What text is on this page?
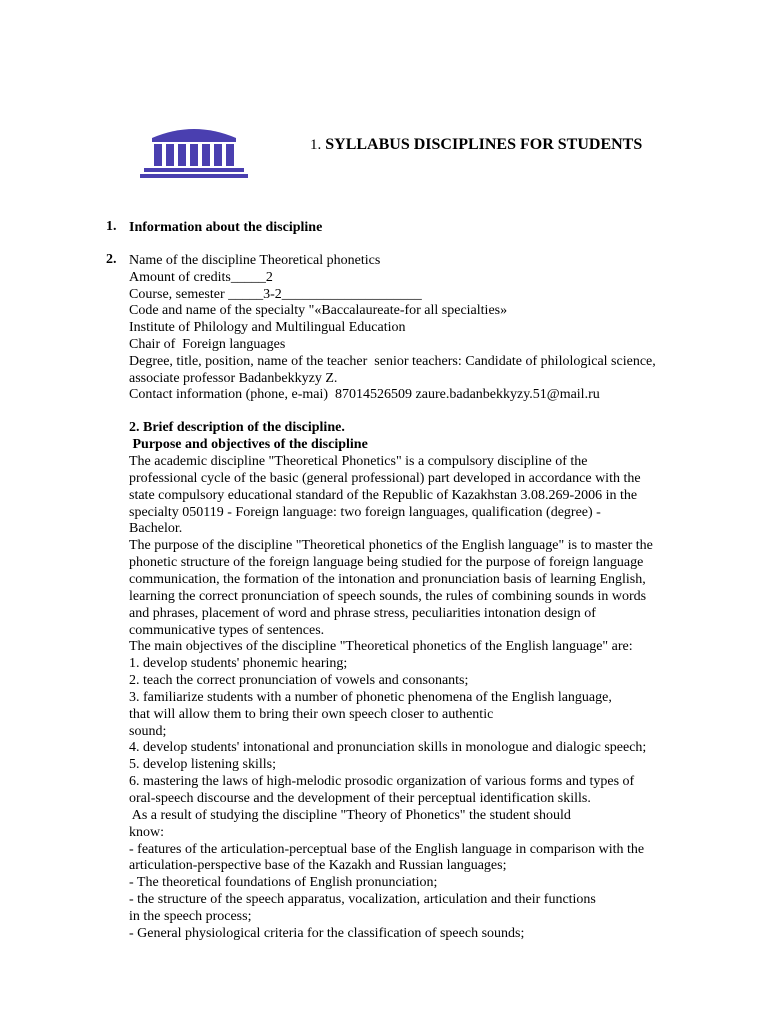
1. SYLLABUS DISCIPLINES FOR STUDENTS
1. Information about the discipline
2. Name of the discipline Theoretical phonetics
Amount of credits_____2
Course, semester _____3-2____________________
Code and name of the specialty "«Baccalaureate-for all specialties»
Institute of Philology and Multilingual Education
Chair of  Foreign languages
Degree, title, position, name of the teacher  senior teachers: Candidate of philological science,
associate professor Badanbekkyzy Z.
Contact information (phone, e-mai)  87014526509 zaure.badanbekkyzy.51@mail.ru
2. Brief description of the discipline.
Purpose and objectives of the discipline
The academic discipline "Theoretical Phonetics" is a compulsory discipline of the
professional cycle of the basic (general professional) part developed in accordance with the
state compulsory educational standard of the Republic of Kazakhstan 3.08.269-2006 in the
specialty 050119 - Foreign language: two foreign languages, qualification (degree) -
Bachelor.
The purpose of the discipline "Theoretical phonetics of the English language" is to master the
phonetic structure of the foreign language being studied for the purpose of foreign language
communication, the formation of the intonation and pronunciation basis of learning English,
learning the correct pronunciation of speech sounds, the rules of combining sounds in words
and phrases, placement of word and phrase stress, peculiarities intonation design of
communicative types of sentences.
The main objectives of the discipline "Theoretical phonetics of the English language" are:
1. develop students' phonemic hearing;
2. teach the correct pronunciation of vowels and consonants;
3. familiarize students with a number of phonetic phenomena of the English language,
that will allow them to bring their own speech closer to authentic
sound;
4. develop students' intonational and pronunciation skills in monologue and dialogic speech;
5. develop listening skills;
6. mastering the laws of high-melodic prosodic organization of various forms and types of
oral-speech discourse and the development of their perceptual identification skills.
As a result of studying the discipline "Theory of Phonetics" the student should
know:
- features of the articulation-perceptual base of the English language in comparison with the
articulation-perspective base of the Kazakh and Russian languages;
- The theoretical foundations of English pronunciation;
- the structure of the speech apparatus, vocalization, articulation and their functions
in the speech process;
- General physiological criteria for the classification of speech sounds;
